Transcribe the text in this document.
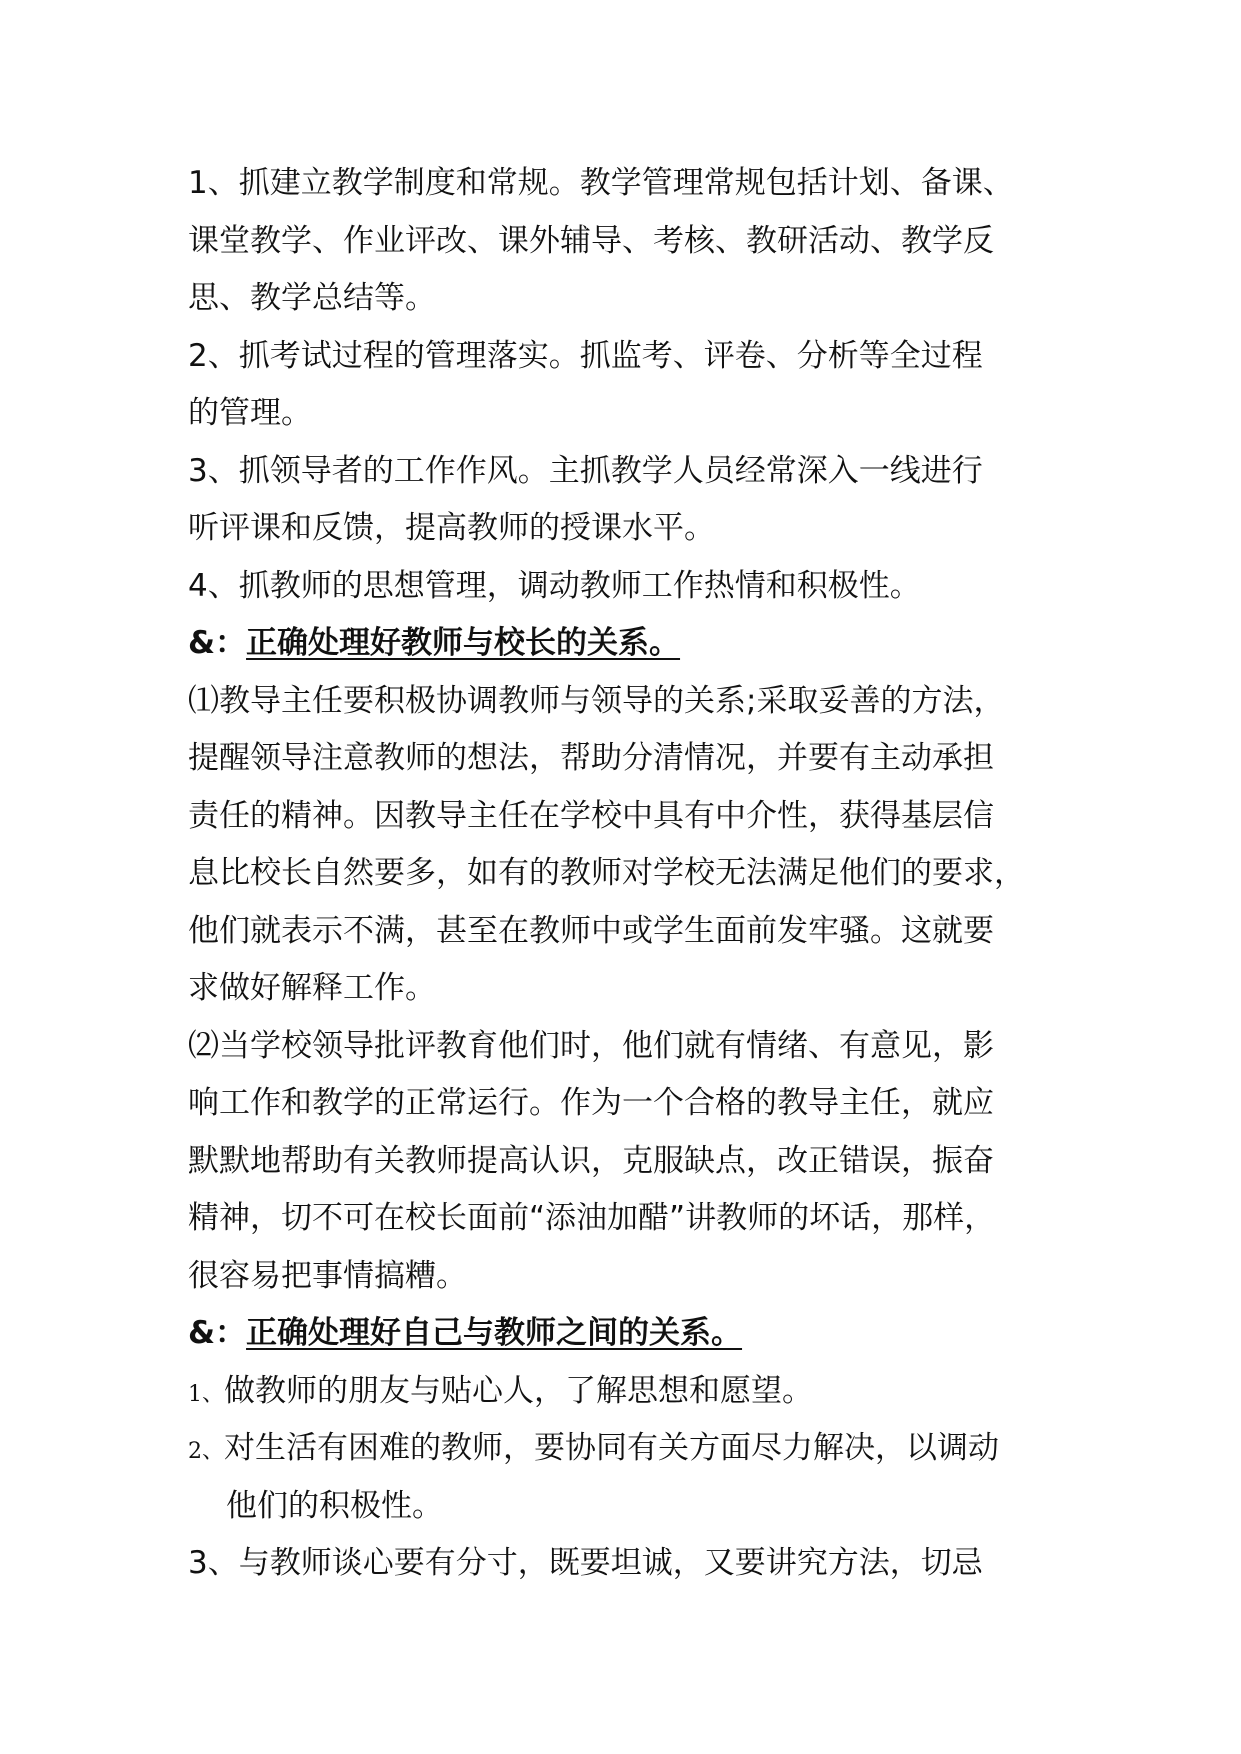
1、抓建立教学制度和常规。教学管理常规包括计划、备课、
课堂教学、作业评改、课外辅导、考核、教研活动、教学反
思、教学总结等。
2、抓考试过程的管理落实。抓监考、评卷、分析等全过程
的管理。
3、抓领导者的工作作风。主抓教学人员经常深入一线进行
听评课和反馈，提高教师的授课水平。
4、抓教师的思想管理，调动教师工作热情和积极性。
&：正确处理好教师与校长的关系。
⑴教导主任要积极协调教师与领导的关系;采取妥善的方法，
提醒领导注意教师的想法，帮助分清情况，并要有主动承担
责任的精神。因教导主任在学校中具有中介性，获得基层信
息比校长自然要多，如有的教师对学校无法满足他们的要求，
他们就表示不满，甚至在教师中或学生面前发牢骚。这就要
求做好解释工作。
⑵当学校领导批评教育他们时，他们就有情绪、有意见，影
响工作和教学的正常运行。作为一个合格的教导主任，就应
默默地帮助有关教师提高认识，克服缺点，改正错误，振奋
精神，切不可在校长面前“添油加醋”讲教师的坏话，那样，
很容易把事情搞糟。
&：正确处理好自己与教师之间的关系。
1、做教师的朋友与贴心人，了解思想和愿望。
2、对生活有困难的教师，要协同有关方面尽力解决，以调动
他们的积极性。
3、与教师谈心要有分寸，既要坦诚，又要讲究方法，切忌
